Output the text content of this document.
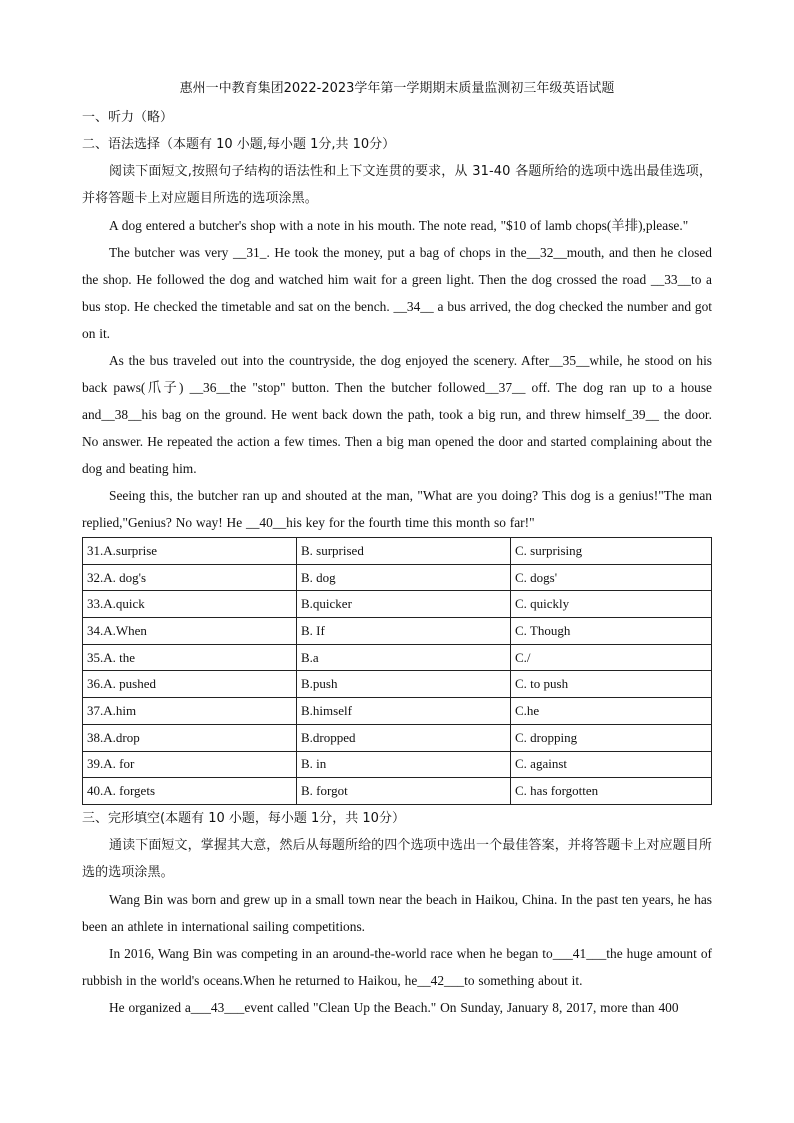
惠州一中教育集团2022-2023学年第一学期期末质量监测初三年级英语试题
一、听力（略）
二、语法选择（本题有 10 小题,每小题 1分,共 10分）

阅读下面短文,按照句子结构的语法性和上下文连贯的要求，从 31-40 各题所给的选项中选出最佳选项，并将答题卡上对应题目所选的选项涂黑。

A dog entered a butcher's shop with a note in his mouth. The note read, "$10 of lamb chops(羊排),please."

The butcher was very __31_. He took the money, put a bag of chops in the__32__mouth, and then he closed the shop. He followed the dog and watched him wait for a green light. Then the dog crossed the road __33__to a bus stop. He checked the timetable and sat on the bench. __34__ a bus arrived, the dog checked the number and got on it.

As the bus traveled out into the countryside, the dog enjoyed the scenery. After__35__while, he stood on his back paws(爪子) __36__the "stop" button. Then the butcher followed__37__ off. The dog ran up to a house and__38__his bag on the ground. He went back down the path, took a big run, and threw himself_39__ the door. No answer. He repeated the action a few times. Then a big man opened the door and started complaining about the dog and beating him.

Seeing this, the butcher ran up and shouted at the man, "What are you doing? This dog is a genius!"The man replied,"Genius? No way! He __40__his key for the fourth time this month so far!"

31.A.surprise	B. surprised	C. surprising
32.A. dog's	B. dog	C. dogs'
33.A.quick	B.quicker	C. quickly
34.A.When	B. If	C. Though
35.A. the	B.a	C./
36.A. pushed	B.push	C. to push
37.A.him	B.himself	C.he
38.A.drop	B.dropped	C. dropping
39.A. for	B. in	C. against
40.A. forgets	B. forgot	C. has forgotten
三、完形填空(本题有 10 小题，每小题 1分，共 10分）

通读下面短文，掌握其大意，然后从每题所给的四个选项中选出一个最佳答案，并将答题卡上对应题目所选的选项涂黑。

Wang Bin was born and grew up in a small town near the beach in Haikou, China. In the past ten years, he has been an athlete in international sailing competitions.

In 2016, Wang Bin was competing in an around-the-world race when he began to___41___the huge amount of rubbish in the world's oceans.When he returned to Haikou, he__42___to something about it.

He organized a___43___event called "Clean Up the Beach." On Sunday, January 8, 2017, more than 400
